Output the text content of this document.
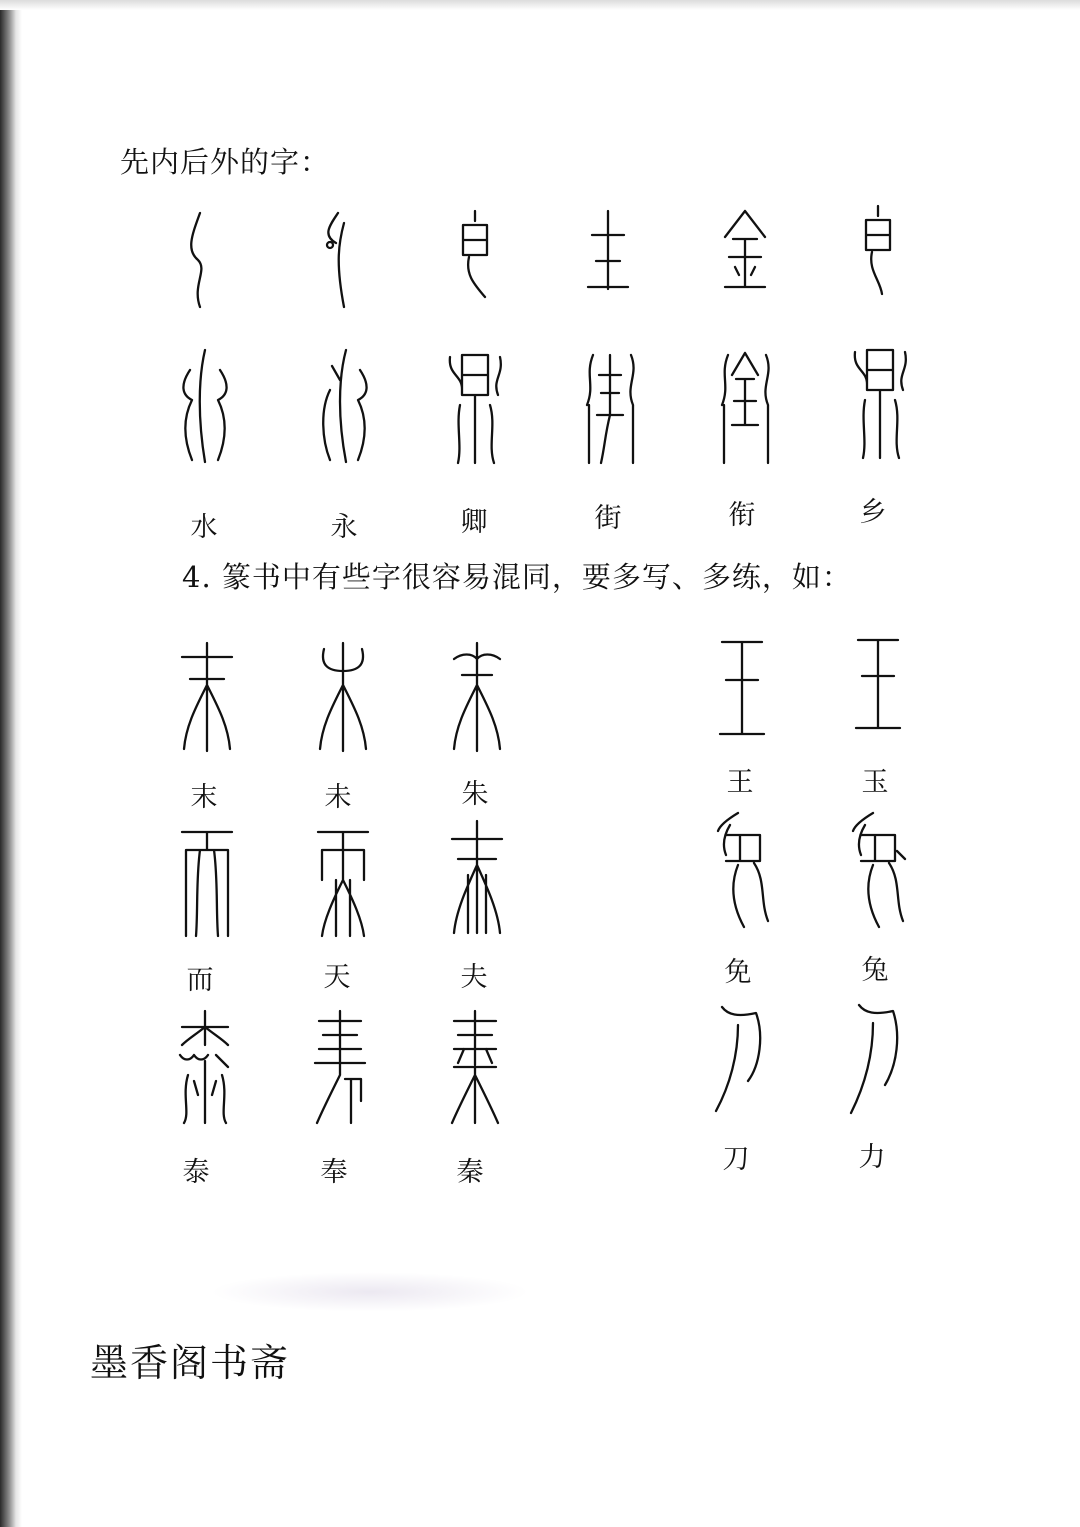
先内后外的字：
水	永	卿	街	衔	乡
4. 篆书中有些字很容易混同，要多写、多练，如：
末	未	朱
而	天	夫
泰	奉	秦
王	玉
免	兔
刀	力
墨香阁书斋
